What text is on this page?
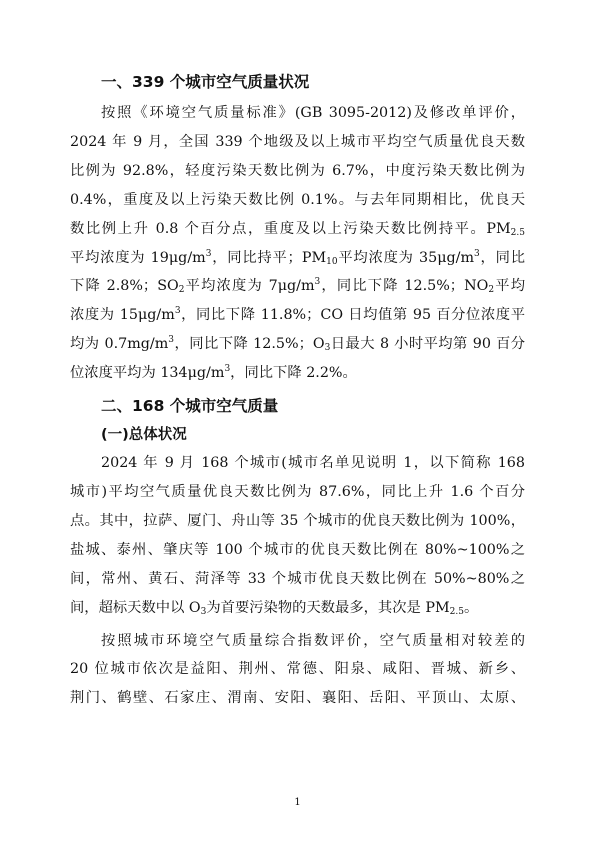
一、339 个城市空气质量状况
按照《环境空气质量标准》(GB 3095-2012)及修改单评价，
2024 年 9 月，全国 339 个地级及以上城市平均空气质量优良天数
比例为 92.8%，轻度污染天数比例为 6.7%，中度污染天数比例为
0.4%，重度及以上污染天数比例 0.1%。与去年同期相比，优良天
数比例上升 0.8 个百分点，重度及以上污染天数比例持平。$PM_{2.5}$
平均浓度为 $19\mu g/m^3$，同比持平；$PM_{10}$平均浓度为 $35\mu g/m^3$，同比
下降 2.8%；$SO_2$平均浓度为 $7\mu g/m^3$，同比下降 12.5%；$NO_2$平均
浓度为 $15\mu g/m^3$，同比下降 11.8%；CO 日均值第 95 百分位浓度平
均为 $0.7mg/m^3$，同比下降 12.5%；$O_3$日最大 8 小时平均第 90 百分
位浓度平均为 $134\mu g/m^3$，同比下降 2.2%。
二、168 个城市空气质量
(一)总体状况
2024 年 9 月 168 个城市(城市名单见说明 1，以下简称 168
城市)平均空气质量优良天数比例为 87.6%，同比上升 1.6 个百分
点。其中，拉萨、厦门、舟山等 35 个城市的优良天数比例为 100%，
盐城、泰州、肇庆等 100 个城市的优良天数比例在 80%~100%之
间，常州、黄石、菏泽等 33 个城市优良天数比例在 50%~80%之
间，超标天数中以 $O_3$为首要污染物的天数最多，其次是 $PM_{2.5}$。
按照城市环境空气质量综合指数评价，空气质量相对较差的
20 位城市依次是益阳、荆州、常德、阳泉、咸阳、晋城、新乡、
荆门、鹤壁、石家庄、渭南、安阳、襄阳、岳阳、平顶山、太原、
1
